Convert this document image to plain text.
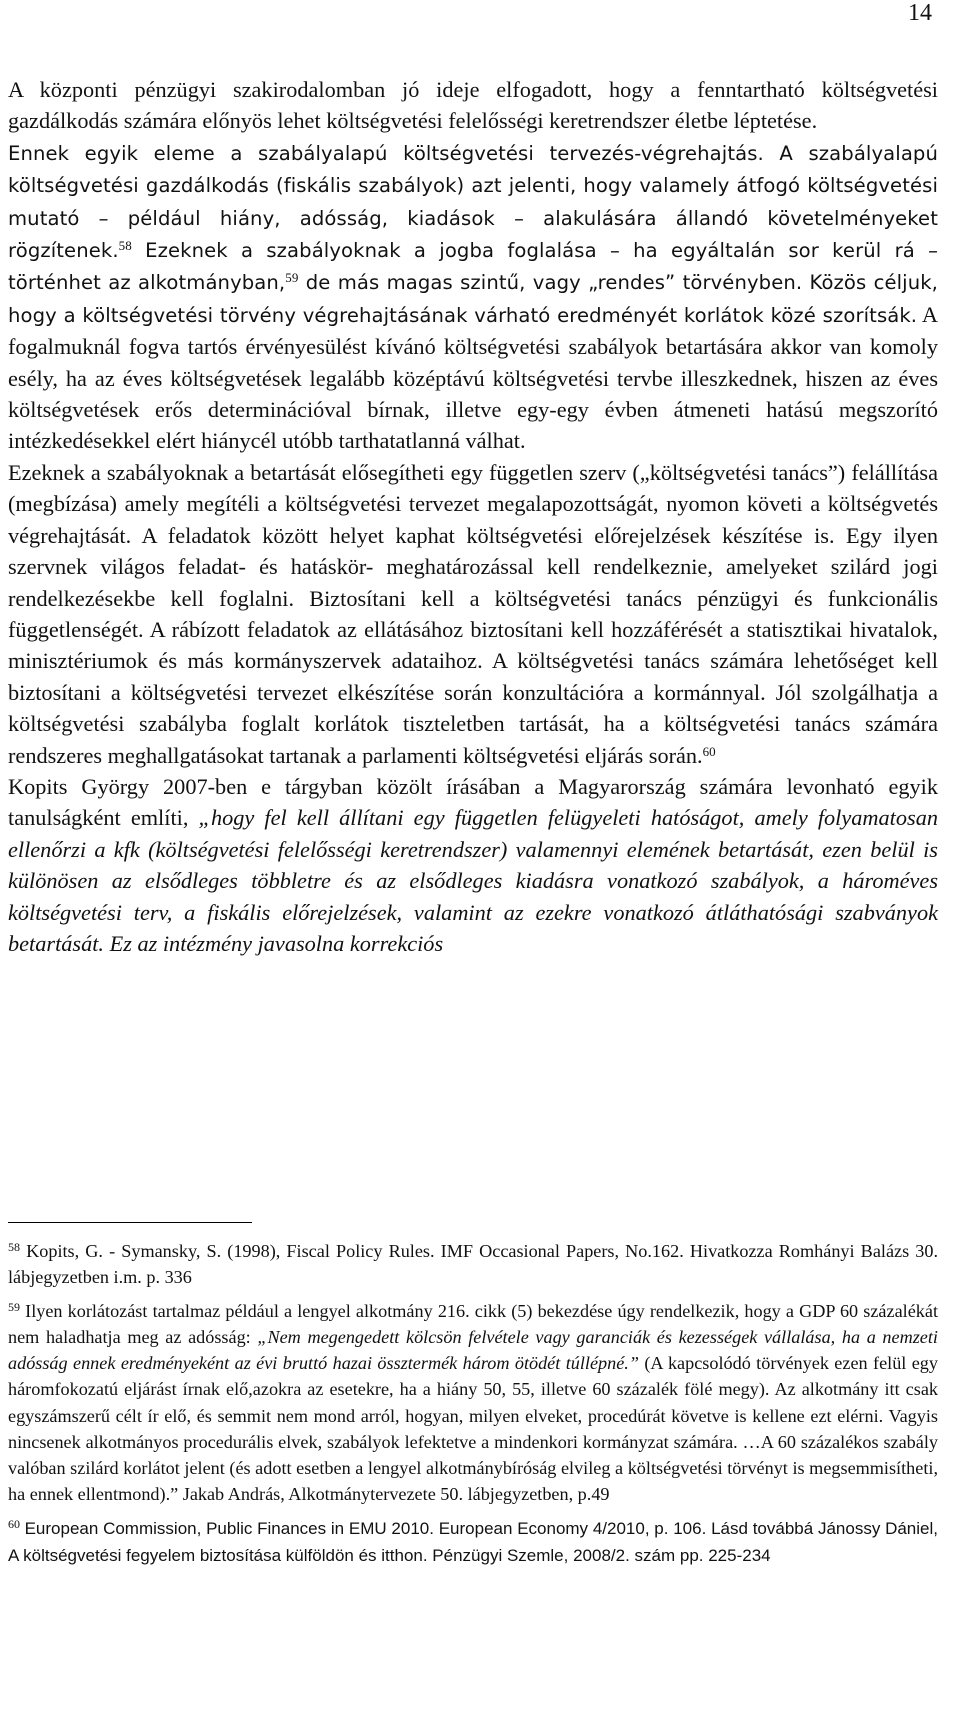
14

A központi pénzügyi szakirodalomban jó ideje elfogadott, hogy a fenntartható költségvetési gazdálkodás számára előnyös lehet költségvetési felelősségi keretrendszer életbe léptetése.

Ennek egyik eleme a szabályalapú költségvetési tervezés-végrehajtás. A szabályalapú költségvetési gazdálkodás (fiskális szabályok) azt jelenti, hogy valamely átfogó költségvetési mutató – például hiány, adósság, kiadások – alakulására állandó követelményeket rögzítenek.$^{58}$ Ezeknek a szabályoknak a jogba foglalása – ha egyáltalán sor kerül rá – történhet az alkotmányban,$^{59}$ de más magas szintű, vagy „rendes” törvényben. Közös céljuk, hogy a költségvetési törvény végrehajtásának várható eredményét korlátok közé szorítsák. A fogalmuknál fogva tartós érvényesülést kívánó költségvetési szabályok betartására akkor van komoly esély, ha az éves költségvetések legalább középtávú költségvetési tervbe illeszkednek, hiszen az éves költségvetések erős determinációval bírnak, illetve egy-egy évben átmeneti hatású megszorító intézkedésekkel elért hiánycél utóbb tarthatatlanná válhat.

Ezeknek a szabályoknak a betartását elősegítheti egy független szerv („költségvetési tanács”) felállítása (megbízása) amely megítéli a költségvetési tervezet megalapozottságát, nyomon követi a költségvetés végrehajtását. A feladatok között helyet kaphat költségvetési előrejelzések készítése is. Egy ilyen szervnek világos feladat- és hatáskör- meghatározással kell rendelkeznie, amelyeket szilárd jogi rendelkezésekbe kell foglalni. Biztosítani kell a költségvetési tanács pénzügyi és funkcionális függetlenségét. A rábízott feladatok az ellátásához biztosítani kell hozzáférését a statisztikai hivatalok, minisztériumok és más kormányszervek adataihoz. A költségvetési tanács számára lehetőséget kell biztosítani a költségvetési tervezet elkészítése során konzultációra a kormánnyal. Jól szolgálhatja a költségvetési szabályba foglalt korlátok tiszteletben tartását, ha a költségvetési tanács számára rendszeres meghallgatásokat tartanak a parlamenti költségvetési eljárás során.$^{60}$

Kopits György 2007-ben e tárgyban közölt írásában a Magyarország számára levonható egyik tanulságként említi, „hogy fel kell állítani egy független felügyeleti hatóságot, amely folyamatosan ellenőrzi a kfk (költségvetési felelősségi keretrendszer) valamennyi elemének betartását, ezen belül is különösen az elsődleges többletre és az elsődleges kiadásra vonatkozó szabályok, a hároméves költségvetési terv, a fiskális előrejelzések, valamint az ezekre vonatkozó átláthatósági szabványok betartását. Ez az intézmény javasolna korrekciós

$^{58}$ Kopits, G. - Symansky, S. (1998), Fiscal Policy Rules. IMF Occasional Papers, No.162. Hivatkozza Romhányi Balázs 30. lábjegyzetben i.m. p. 336

$^{59}$ Ilyen korlátozást tartalmaz például a lengyel alkotmány 216. cikk (5) bekezdése úgy rendelkezik, hogy a GDP 60 százalékát nem haladhatja meg az adósság: „Nem megengedett kölcsön felvétele vagy garanciák és kezességek vállalása, ha a nemzeti adósság ennek eredményeként az évi bruttó hazai össztermék három ötödét túllépné.” (A kapcsolódó törvények ezen felül egy háromfokozatú eljárást írnak elő,azokra az esetekre, ha a hiány 50, 55, illetve 60 százalék fölé megy). Az alkotmány itt csak egyszámszerű célt ír elő, és semmit nem mond arról, hogyan, milyen elveket, procedúrát követve is kellene ezt elérni. Vagyis nincsenek alkotmányos procedurális elvek, szabályok lefektetve a mindenkori kormányzat számára. …A 60 százalékos szabály valóban szilárd korlátot jelent (és adott esetben a lengyel alkotmánybíróság elvileg a költségvetési törvényt is megsemmisítheti, ha ennek ellentmond).” Jakab András, Alkotmánytervezete 50. lábjegyzetben, p.49

$^{60}$ European Commission, Public Finances in EMU 2010. European Economy 4/2010, p. 106. Lásd továbbá Jánossy Dániel, A költségvetési fegyelem biztosítása külföldön és itthon. Pénzügyi Szemle, 2008/2. szám pp. 225-234
